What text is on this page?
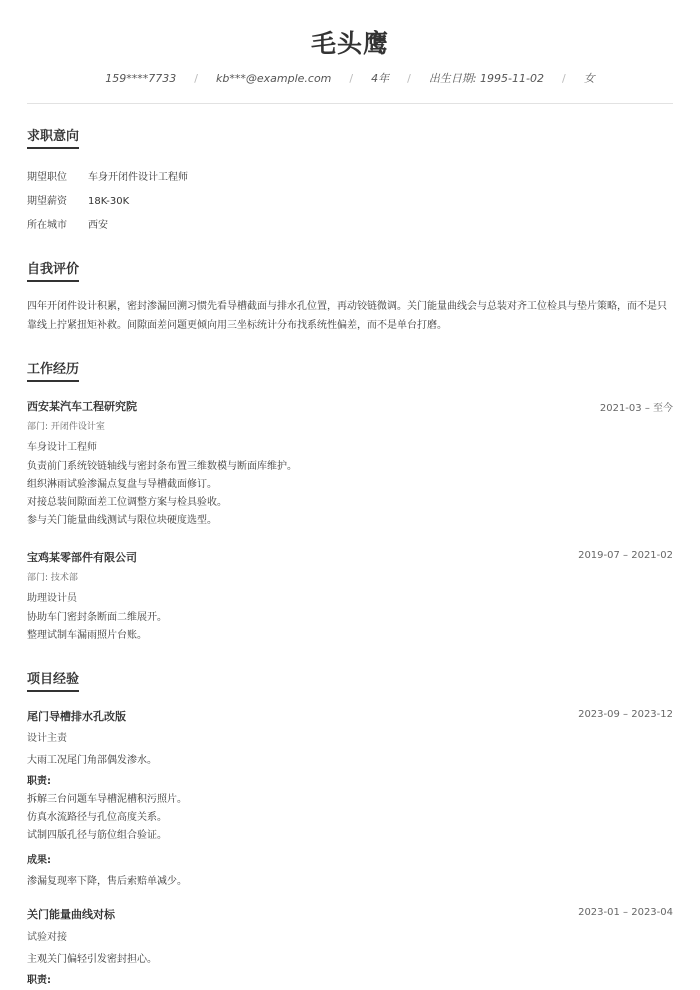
毛头鹰
159****7733 / kb***@example.com / 4年 / 出生日期: 1995-11-02 / 女
求职意向
期望职位 车身开闭件设计工程师
期望薪资 18K-30K
所在城市 西安
自我评价
四年开闭件设计积累，密封渗漏回溯习惯先看导槽截面与排水孔位置，再动铰链微调。关门能量曲线会与总装对齐工位检具与垫片策略，而不是只靠线上拧紧扭矩补救。间隙面差问题更倾向用三坐标统计分布找系统性偏差，而不是单台打磨。
工作经历
西安某汽车工程研究院	2021-03 – 至今
部门: 开闭件设计室
车身设计工程师
负责前门系统铰链轴线与密封条布置三维数模与断面库维护。
组织淋雨试验渗漏点复盘与导槽截面修订。
对接总装间隙面差工位调整方案与检具验收。
参与关门能量曲线测试与限位块硬度选型。
宝鸡某零部件有限公司	2019-07 – 2021-02
部门: 技术部
助理设计员
协助车门密封条断面二维展开。
整理试制车漏雨照片台账。
项目经验
尾门导槽排水孔改版	2023-09 – 2023-12
设计主责
大雨工况尾门角部偶发渗水。
职责:
拆解三台问题车导槽泥槽积污照片。
仿真水流路径与孔位高度关系。
试制四版孔径与筋位组合验证。
成果:
渗漏复现率下降，售后索赔单减少。
关门能量曲线对标	2023-01 – 2023-04
试验对接
主观关门偏轻引发密封担心。
职责:
